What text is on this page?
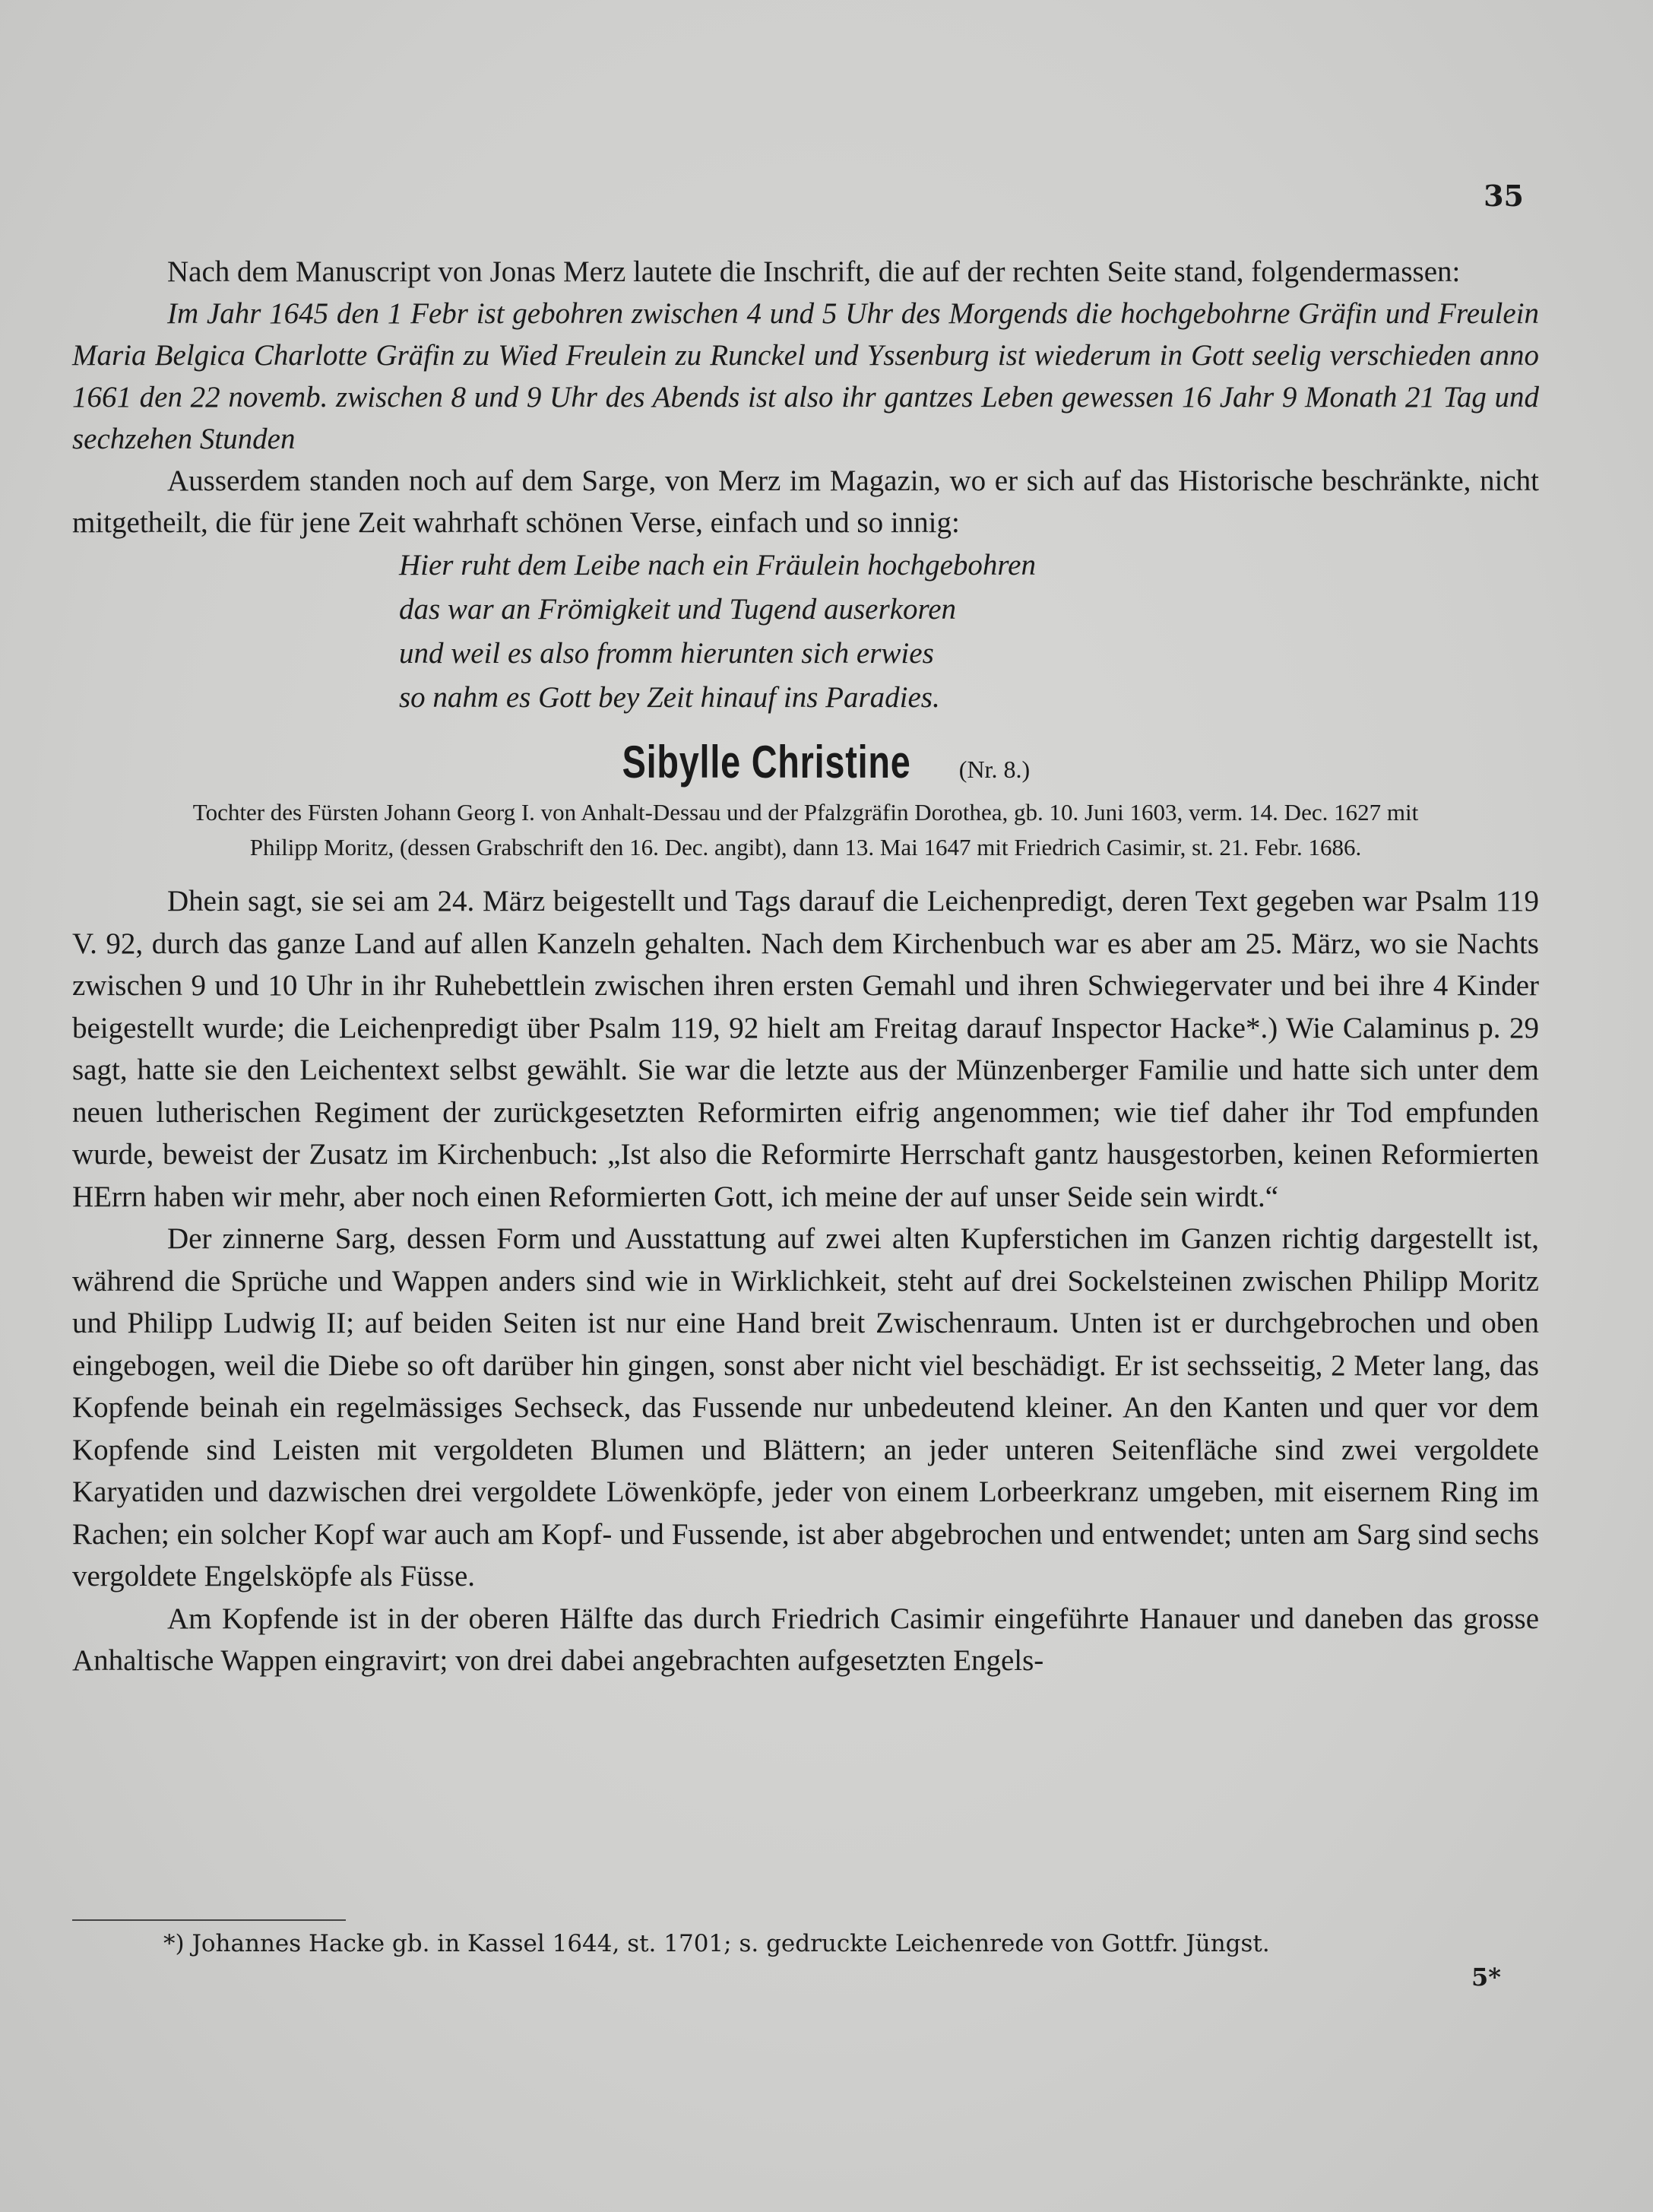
35

Nach dem Manuscript von Jonas Merz lautete die Inschrift, die auf der rechten Seite stand, folgendermassen:

Im Jahr 1645 den 1 Febr ist gebohren zwischen 4 und 5 Uhr des Morgends die hochgebohrne Gräfin und Freulein Maria Belgica Charlotte Gräfin zu Wied Freulein zu Runckel und Yssenburg ist wiederum in Gott seelig verschieden anno 1661 den 22 novemb. zwischen 8 und 9 Uhr des Abends ist also ihr gantzes Leben gewessen 16 Jahr 9 Monath 21 Tag und sechzehen Stunden

Ausserdem standen noch auf dem Sarge, von Merz im Magazin, wo er sich auf das Historische beschränkte, nicht mitgetheilt, die für jene Zeit wahrhaft schönen Verse, einfach und so innig:

Hier ruht dem Leibe nach ein Fräulein hochgebohren
das war an Frömigkeit und Tugend auserkoren
und weil es also fromm hierunten sich erwies
so nahm es Gott bey Zeit hinauf ins Paradies.
Sibylle Christine (Nr. 8.)
Tochter des Fürsten Johann Georg I. von Anhalt-Dessau und der Pfalzgräfin Dorothea, gb. 10. Juni 1603, verm. 14. Dec. 1627 mit Philipp Moritz, (dessen Grabschrift den 16. Dec. angibt), dann 13. Mai 1647 mit Friedrich Casimir, st. 21. Febr. 1686.

Dhein sagt, sie sei am 24. März beigestellt und Tags darauf die Leichenpredigt, deren Text gegeben war Psalm 119 V. 92, durch das ganze Land auf allen Kanzeln gehalten. Nach dem Kirchenbuch war es aber am 25. März, wo sie Nachts zwischen 9 und 10 Uhr in ihr Ruhebettlein zwischen ihren ersten Gemahl und ihren Schwiegervater und bei ihre 4 Kinder beigestellt wurde; die Leichenpredigt über Psalm 119, 92 hielt am Freitag darauf Inspector Hacke*.) Wie Calaminus p. 29 sagt, hatte sie den Leichentext selbst gewählt. Sie war die letzte aus der Münzenberger Familie und hatte sich unter dem neuen lutherischen Regiment der zurückgesetzten Reformirten eifrig angenommen; wie tief daher ihr Tod empfunden wurde, beweist der Zusatz im Kirchenbuch: „Ist also die Reformirte Herrschaft gantz hausgestorben, keinen Reformierten HErrn haben wir mehr, aber noch einen Reformierten Gott, ich meine der auf unser Seide sein wirdt.“

Der zinnerne Sarg, dessen Form und Ausstattung auf zwei alten Kupferstichen im Ganzen richtig dargestellt ist, während die Sprüche und Wappen anders sind wie in Wirklichkeit, steht auf drei Sockelsteinen zwischen Philipp Moritz und Philipp Ludwig II; auf beiden Seiten ist nur eine Hand breit Zwischenraum. Unten ist er durchgebrochen und oben eingebogen, weil die Diebe so oft darüber hin gingen, sonst aber nicht viel beschädigt. Er ist sechsseitig, 2 Meter lang, das Kopfende beinah ein regelmässiges Sechseck, das Fussende nur unbedeutend kleiner. An den Kanten und quer vor dem Kopfende sind Leisten mit vergoldeten Blumen und Blättern; an jeder unteren Seitenfläche sind zwei vergoldete Karyatiden und dazwischen drei vergoldete Löwenköpfe, jeder von einem Lorbeerkranz umgeben, mit eisernem Ring im Rachen; ein solcher Kopf war auch am Kopf- und Fussende, ist aber abgebrochen und entwendet; unten am Sarg sind sechs vergoldete Engelsköpfe als Füsse.

Am Kopfende ist in der oberen Hälfte das durch Friedrich Casimir eingeführte Hanauer und daneben das grosse Anhaltische Wappen eingravirt; von drei dabei angebrachten aufgesetzten Engels-

*) Johannes Hacke gb. in Kassel 1644, st. 1701; s. gedruckte Leichenrede von Gottfr. Jüngst.
5*
